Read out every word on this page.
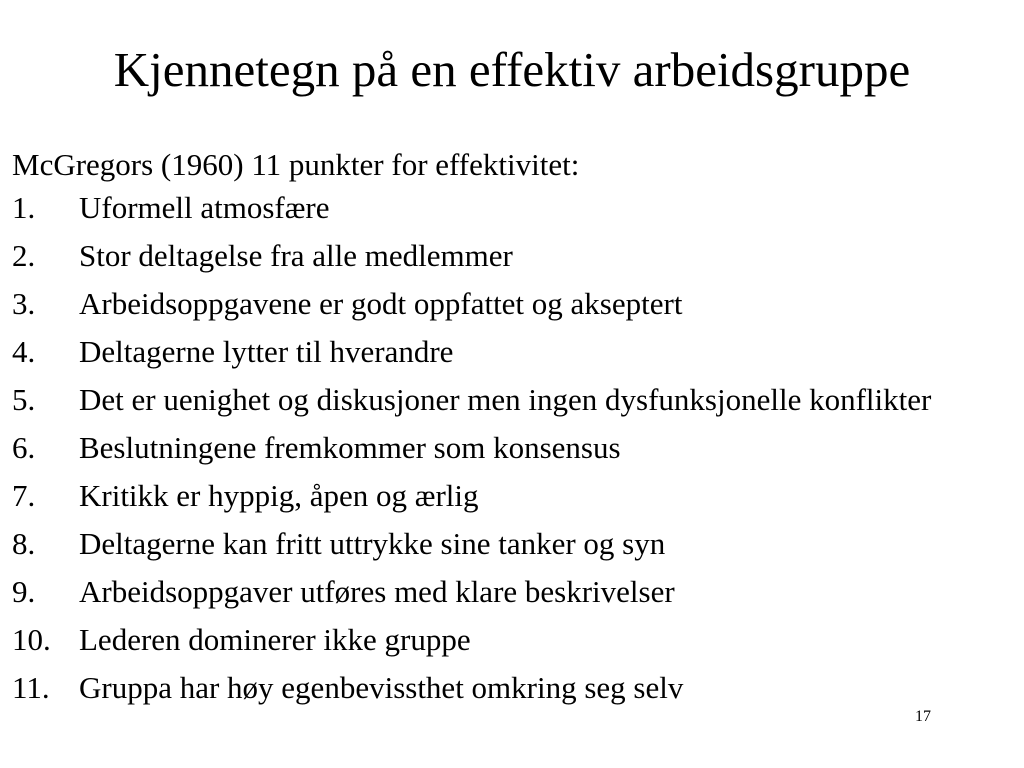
Kjennetegn på en effektiv arbeidsgruppe
McGregors (1960) 11 punkter for effektivitet:
1. Uformell atmosfære
2. Stor deltagelse fra alle medlemmer
3. Arbeidsoppgavene er godt oppfattet og akseptert
4. Deltagerne lytter til hverandre
5. Det er uenighet og diskusjoner men ingen dysfunksjonelle konflikter
6. Beslutningene fremkommer som konsensus
7. Kritikk er hyppig, åpen og ærlig
8. Deltagerne kan fritt uttrykke sine tanker og syn
9. Arbeidsoppgaver utføres med klare beskrivelser
10. Lederen dominerer ikke gruppe
11. Gruppa har høy egenbevissthet omkring seg selv
17
